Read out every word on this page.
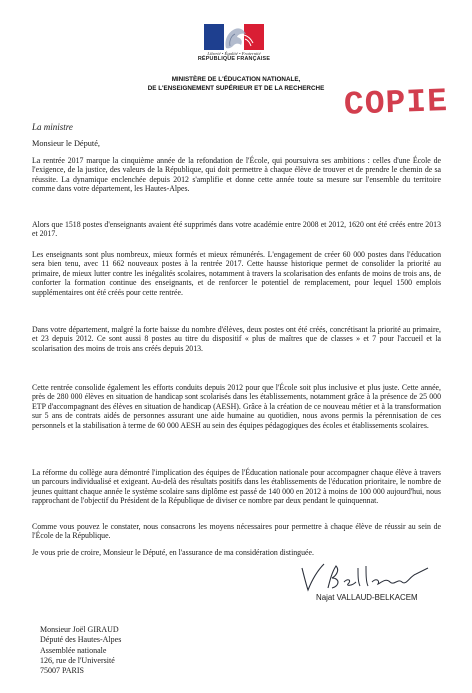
Liberté • Égalité • Fraternité
RÉPUBLIQUE FRANÇAISE
MINISTÈRE DE L'ÉDUCATION NATIONALE,
DE L'ENSEIGNEMENT SUPÉRIEUR ET DE LA RECHERCHE COPIE
La ministre
Monsieur le Député,

La rentrée 2017 marque la cinquième année de la refondation de l'École, qui poursuivra ses ambitions : celles d'une École de l'exigence, de la justice, des valeurs de la République, qui doit permettre à chaque élève de trouver et de prendre le chemin de sa réussite. La dynamique enclenchée depuis 2012 s'amplifie et donne cette année toute sa mesure sur l'ensemble du territoire comme dans votre département, les Hautes-Alpes.

Alors que 1518 postes d'enseignants avaient été supprimés dans votre académie entre 2008 et 2012, 1620 ont été créés entre 2013 et 2017.

Les enseignants sont plus nombreux, mieux formés et mieux rémunérés. L'engagement de créer 60 000 postes dans l'éducation sera bien tenu, avec 11 662 nouveaux postes à la rentrée 2017. Cette hausse historique permet de consolider la priorité au primaire, de mieux lutter contre les inégalités scolaires, notamment à travers la scolarisation des enfants de moins de trois ans, de conforter la formation continue des enseignants, et de renforcer le potentiel de remplacement, pour lequel 1500 emplois supplémentaires ont été créés pour cette rentrée.

Dans votre département, malgré la forte baisse du nombre d'élèves, deux postes ont été créés, concrétisant la priorité au primaire, et 23 depuis 2012. Ce sont aussi 8 postes au titre du dispositif « plus de maîtres que de classes » et 7 pour l'accueil et la scolarisation des moins de trois ans créés depuis 2013.

Cette rentrée consolide également les efforts conduits depuis 2012 pour que l'École soit plus inclusive et plus juste. Cette année, près de 280 000 élèves en situation de handicap sont scolarisés dans les établissements, notamment grâce à la présence de 25 000 ETP d'accompagnant des élèves en situation de handicap (AESH). Grâce à la création de ce nouveau métier et à la transformation sur 5 ans de contrats aidés de personnes assurant une aide humaine au quotidien, nous avons permis la pérennisation de ces personnels et la stabilisation à terme de 60 000 AESH au sein des équipes pédagogiques des écoles et établissements scolaires.

La réforme du collège aura démontré l'implication des équipes de l'Éducation nationale pour accompagner chaque élève à travers un parcours individualisé et exigeant. Au-delà des résultats positifs dans les établissements de l'éducation prioritaire, le nombre de jeunes quittant chaque année le système scolaire sans diplôme est passé de 140 000 en 2012 à moins de 100 000 aujourd'hui, nous rapprochant de l'objectif du Président de la République de diviser ce nombre par deux pendant le quinquennat.

Comme vous pouvez le constater, nous consacrons les moyens nécessaires pour permettre à chaque élève de réussir au sein de l'École de la République.

Je vous prie de croire, Monsieur le Député, en l'assurance de ma considération distinguée.

Najat VALLAUD-BELKACEM
Monsieur Joël GIRAUD
Député des Hautes-Alpes
Assemblée nationale
126, rue de l'Université
75007 PARIS
